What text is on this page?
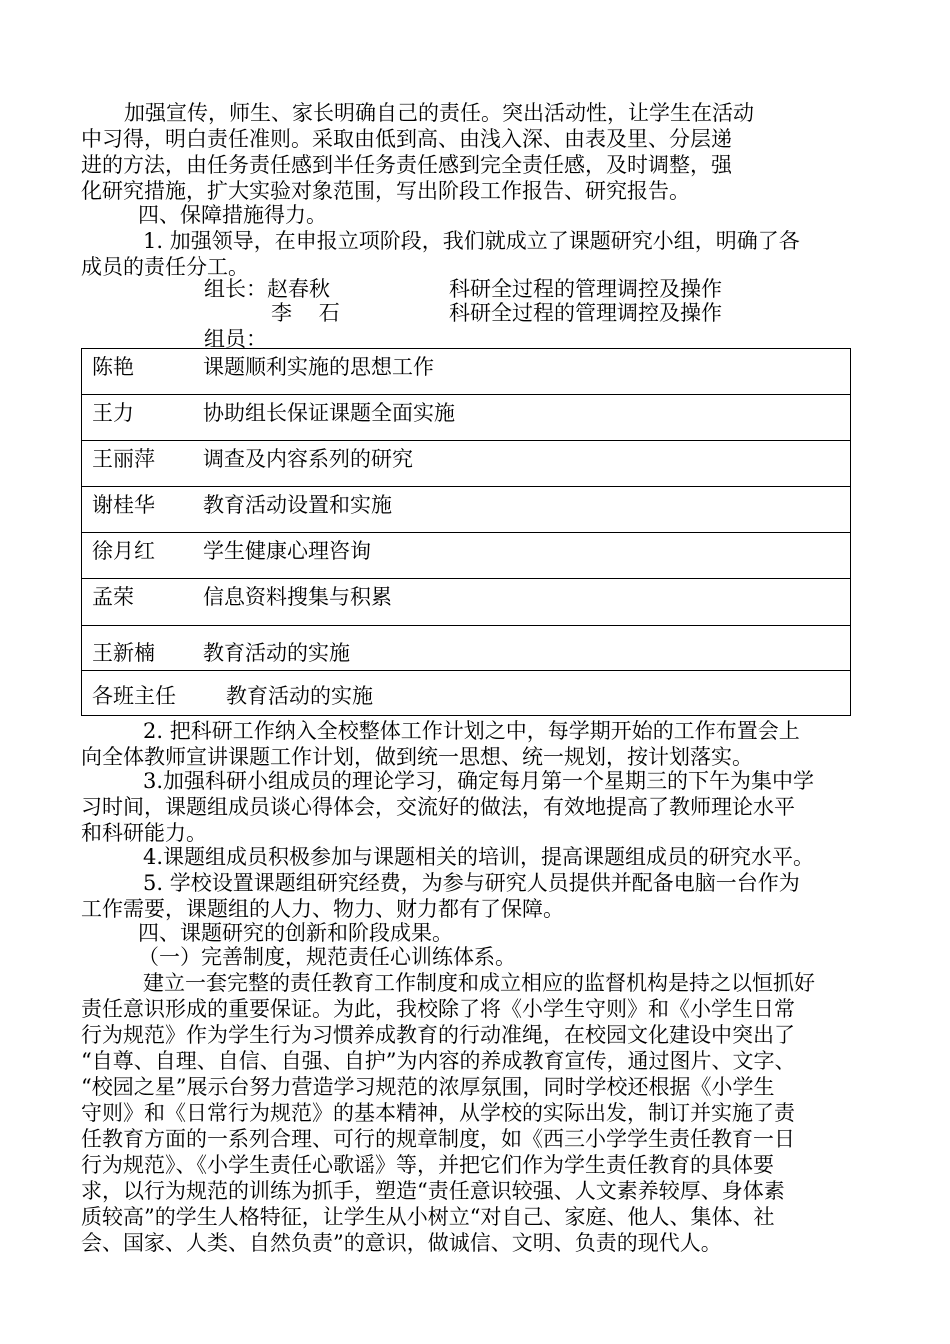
加强宣传，师生、家长明确自己的责任。突出活动性，让学生在活动
中习得，明白责任准则。采取由低到高、由浅入深、由表及里、分层递
进的方法，由任务责任感到半任务责任感到完全责任感，及时调整，强
化研究措施，扩大实验对象范围，写出阶段工作报告、研究报告。
四、保障措施得力。
1. 加强领导，在申报立项阶段，我们就成立了课题研究小组，明确了各
成员的责任分工。
组长： 赵春秋	科研全过程的管理调控及操作
李    石	科研全过程的管理调控及操作
组员：
陈艳	课题顺利实施的思想工作
王力	协助组长保证课题全面实施
王丽萍 调查及内容系列的研究
谢桂华 教育活动设置和实施
徐月红 学生健康心理咨询
孟荣	信息资料搜集与积累
王新楠 教育活动的实施
各班主任 教育活动的实施
2. 把科研工作纳入全校整体工作计划之中，每学期开始的工作布置会上
向全体教师宣讲课题工作计划，做到统一思想、统一规划，按计划落实。
3.加强科研小组成员的理论学习，确定每月第一个星期三的下午为集中学
习时间，课题组成员谈心得体会，交流好的做法，有效地提高了教师理论水平
和科研能力。
4.课题组成员积极参加与课题相关的培训，提高课题组成员的研究水平。
5. 学校设置课题组研究经费，为参与研究人员提供并配备电脑一台作为
工作需要，课题组的人力、物力、财力都有了保障。
四、课题研究的创新和阶段成果。
（一）完善制度，规范责任心训练体系。
建立一套完整的责任教育工作制度和成立相应的监督机构是持之以恒抓好
责任意识形成的重要保证。为此，我校除了将《小学生守则》和《小学生日常
行为规范》作为学生行为习惯养成教育的行动准绳，在校园文化建设中突出了
“自尊、自理、自信、自强、自护”为内容的养成教育宣传，通过图片、文字、
“校园之星”展示台努力营造学习规范的浓厚氛围，同时学校还根据《小学生
守则》和《日常行为规范》的基本精神，从学校的实际出发，制订并实施了责
任教育方面的一系列合理、可行的规章制度，如《西三小学学生责任教育一日
行为规范》、《小学生责任心歌谣》等，并把它们作为学生责任教育的具体要
求，以行为规范的训练为抓手，塑造“责任意识较强、人文素养较厚、身体素
质较高”的学生人格特征，让学生从小树立“对自己、家庭、他人、集体、社
会、国家、人类、自然负责”的意识，做诚信、文明、负责的现代人。
